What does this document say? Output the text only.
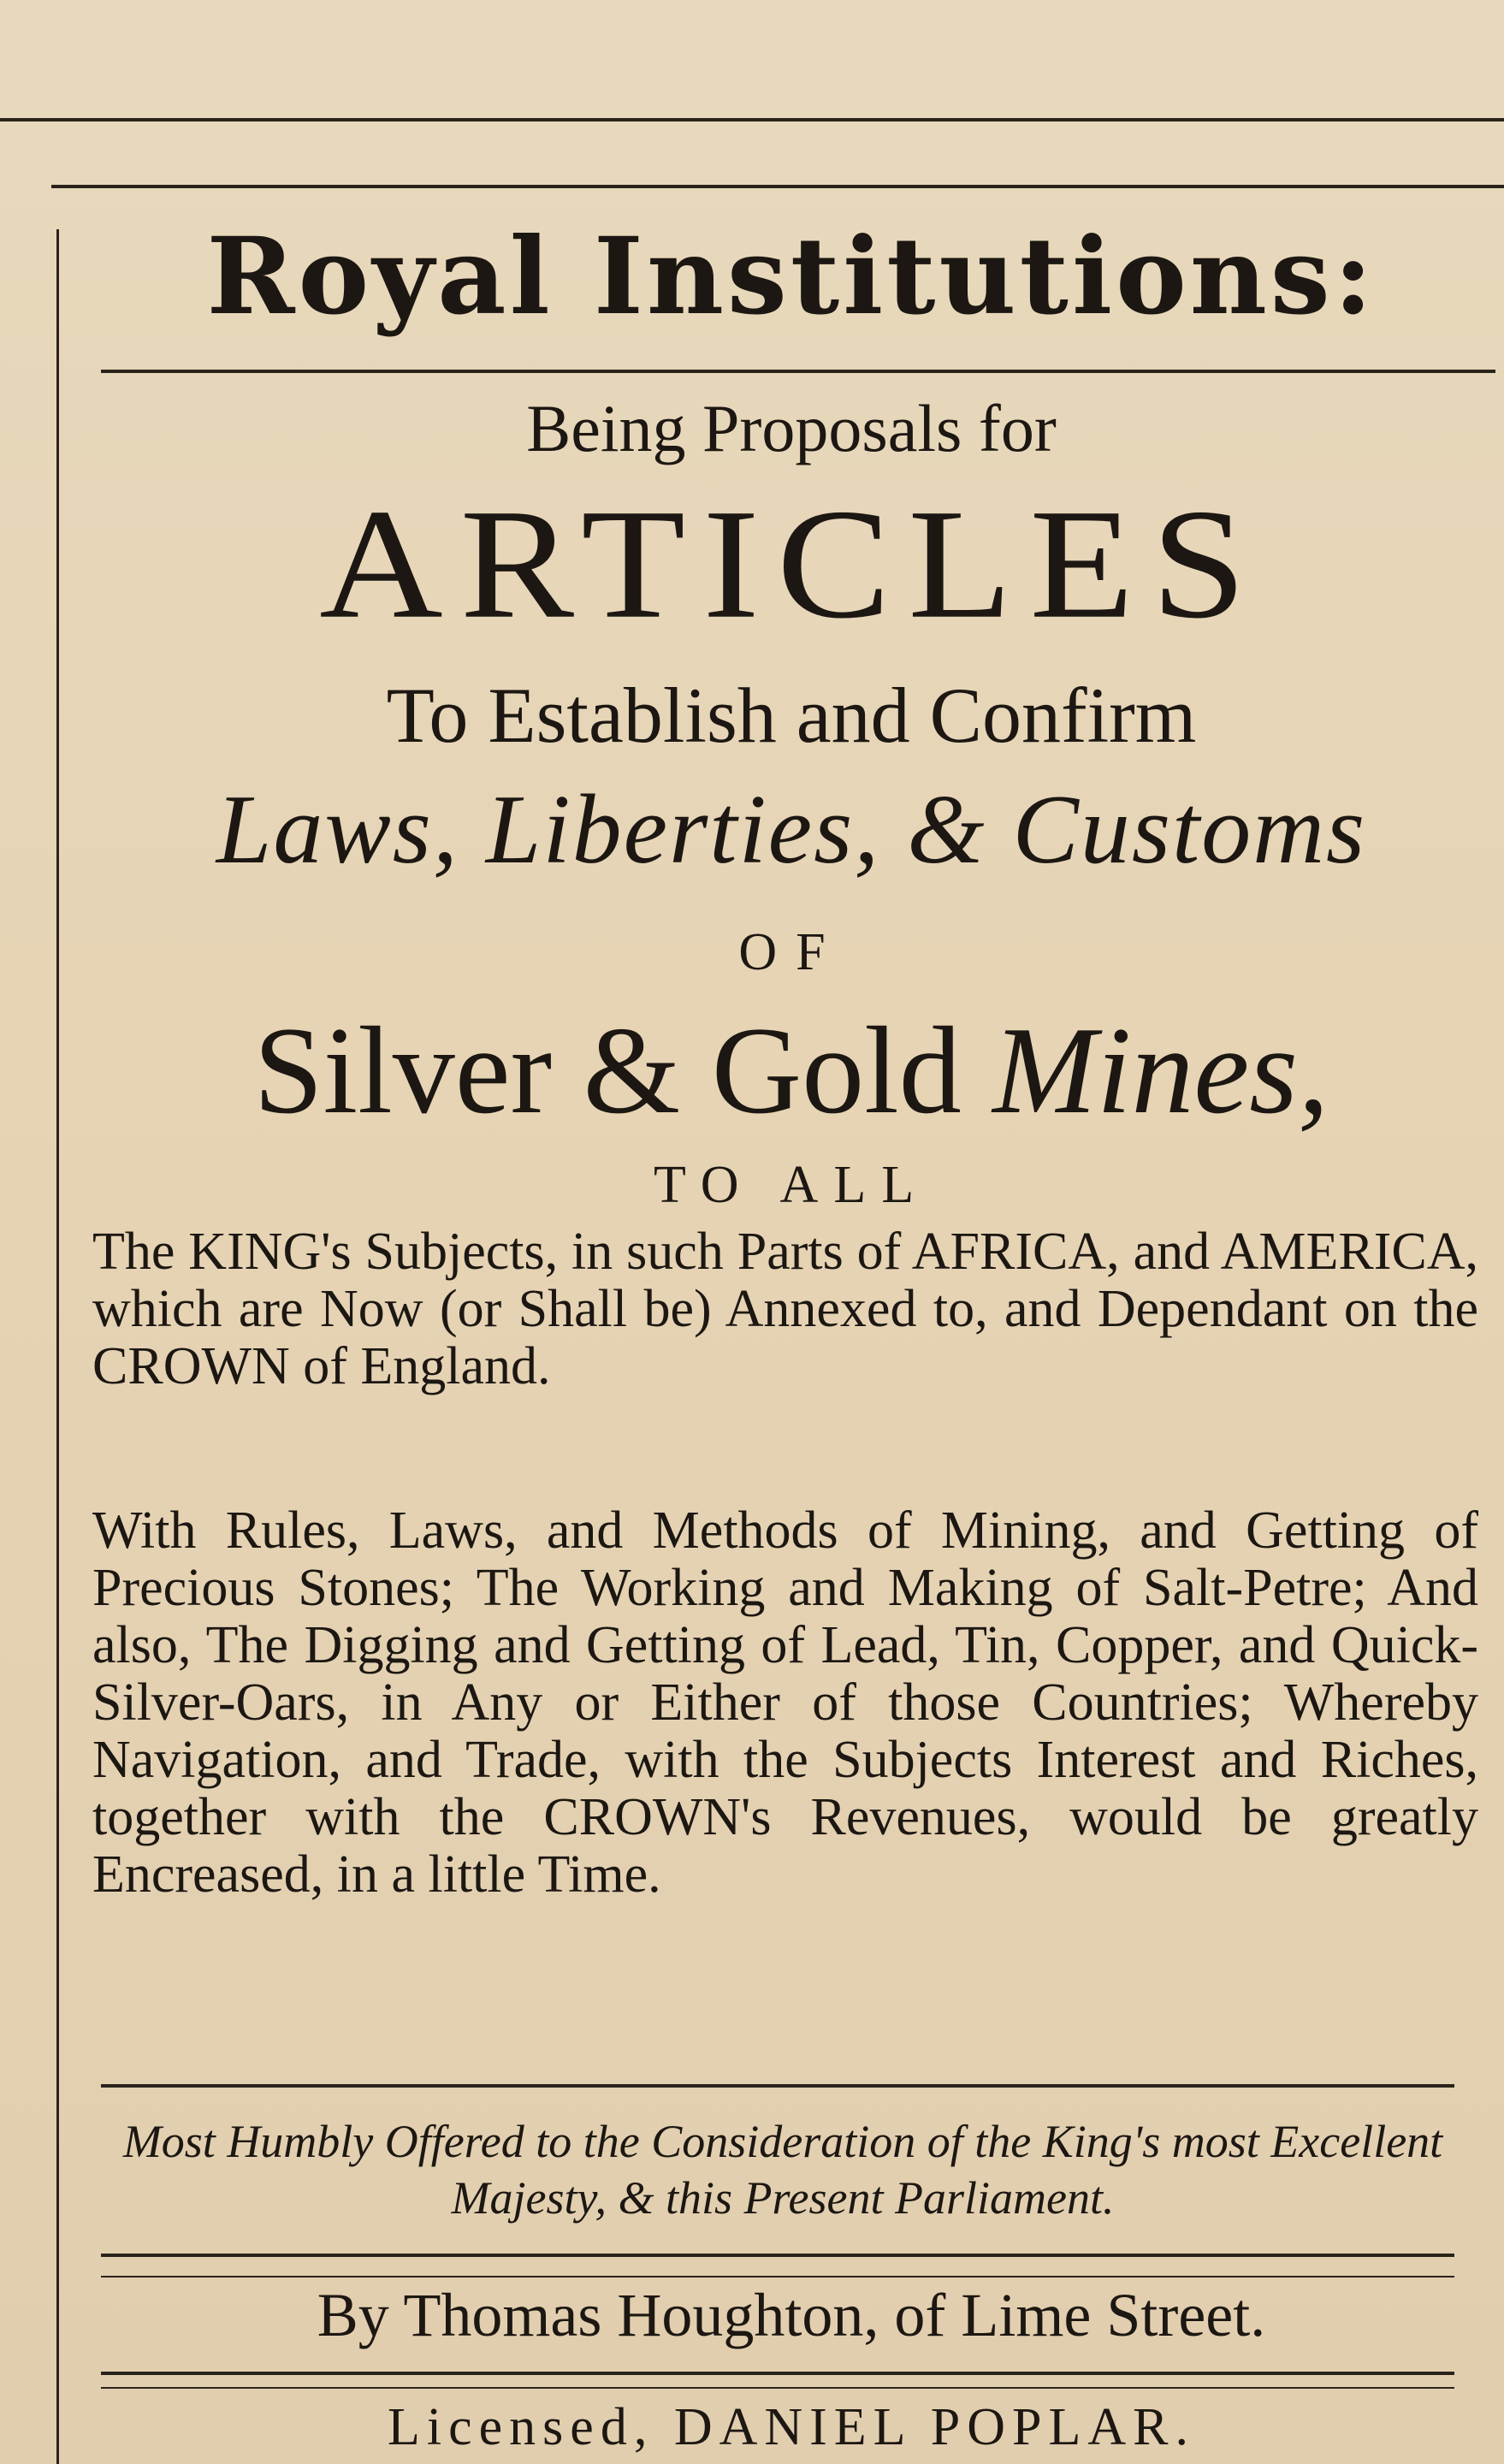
Royal Institutions:
Being Proposals for
ARTICLES
To Establish and Confirm
Laws, Liberties, & Customs
OF
Silver & Gold Mines,
TO ALL
The KING's Subjects, in such Parts of AFRICA, and AMERICA, which are Now (or Shall be) Annexed to, and Dependant on the CROWN of England.
With Rules, Laws, and Methods of Mining, and Getting of Precious Stones; The Working and Making of Salt-Petre; And also, The Digging and Getting of Lead, Tin, Copper, and Quick-Silver-Oars, in Any or Either of those Countries; Whereby Navigation, and Trade, with the Subjects Interest and Riches, together with the CROWN's Revenues, would be greatly Encreased, in a little Time.
Most Humbly Offered to the Consideration of the King's most Excellent Majesty, & this Present Parliament.
By Thomas Houghton, of Lime Street.
Licensed, DANIEL POPLAR.
